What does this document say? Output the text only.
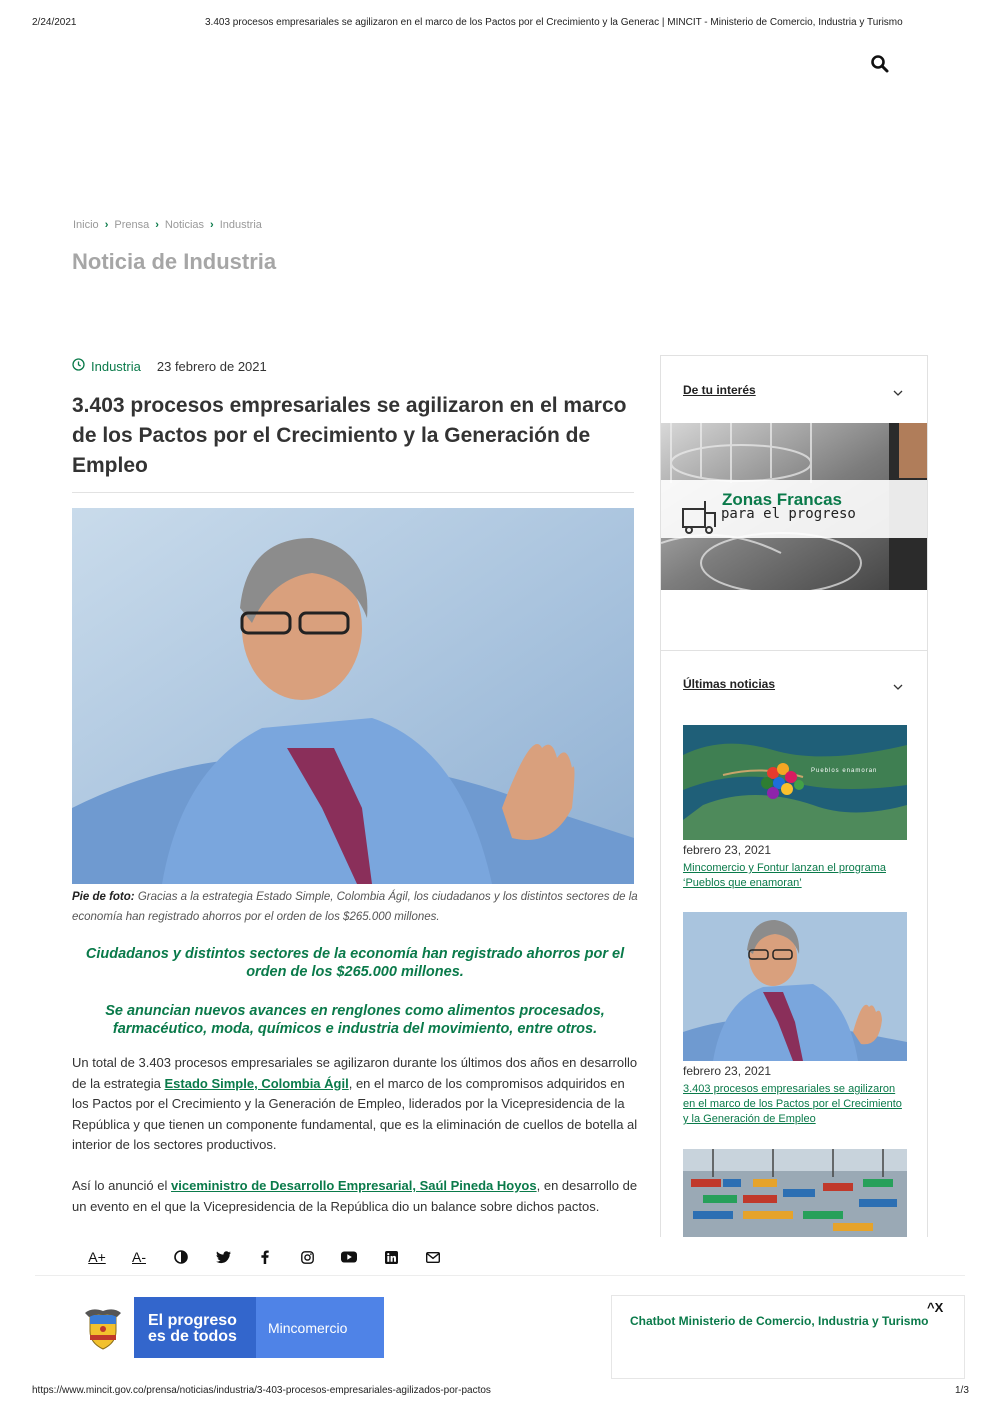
2/24/2021	3.403 procesos empresariales se agilizaron en el marco de los Pactos por el Crecimiento y la Generac | MINCIT - Ministerio de Comercio, Industria y Turismo
Inicio › Prensa › Noticias › Industria
Noticia de Industria
Industria 23 febrero de 2021
3.403 procesos empresariales se agilizaron en el marco de los Pactos por el Crecimiento y la Generación de Empleo
Pie de foto: Gracias a la estrategia Estado Simple, Colombia Ágil, los ciudadanos y los distintos sectores de la economía han registrado ahorros por el orden de los $265.000 millones.
Ciudadanos y distintos sectores de la economía han registrado ahorros por el orden de los $265.000 millones.
Se anuncian nuevos avances en renglones como alimentos procesados, farmacéutico, moda, químicos e industria del movimiento, entre otros.

Un total de 3.403 procesos empresariales se agilizaron durante los últimos dos años en desarrollo de la estrategia Estado Simple, Colombia Ágil, en el marco de los compromisos adquiridos en los Pactos por el Crecimiento y la Generación de Empleo, liderados por la Vicepresidencia de la República y que tienen un componente fundamental, que es la eliminación de cuellos de botella al interior de los sectores productivos.

Así lo anunció el viceministro de Desarrollo Empresarial, Saúl Pineda Hoyos, en desarrollo de un evento en el que la Vicepresidencia de la República dio un balance sobre dichos pactos.

A+ A-
De tu interés
Zonas Francas
para el progreso
Últimas noticias
Pueblos enamoran
febrero 23, 2021
Mincomercio y Fontur lanzan el programa ‘Pueblos que enamoran’
febrero 23, 2021
3.403 procesos empresariales se agilizaron en el marco de los Pactos por el Crecimiento y la Generación de Empleo
El progreso
es de todos	Mincomercio
^X
Chatbot Ministerio de Comercio, Industria y Turismo
https://www.mincit.gov.co/prensa/noticias/industria/3-403-procesos-empresariales-agilizados-por-pactos	1/3
